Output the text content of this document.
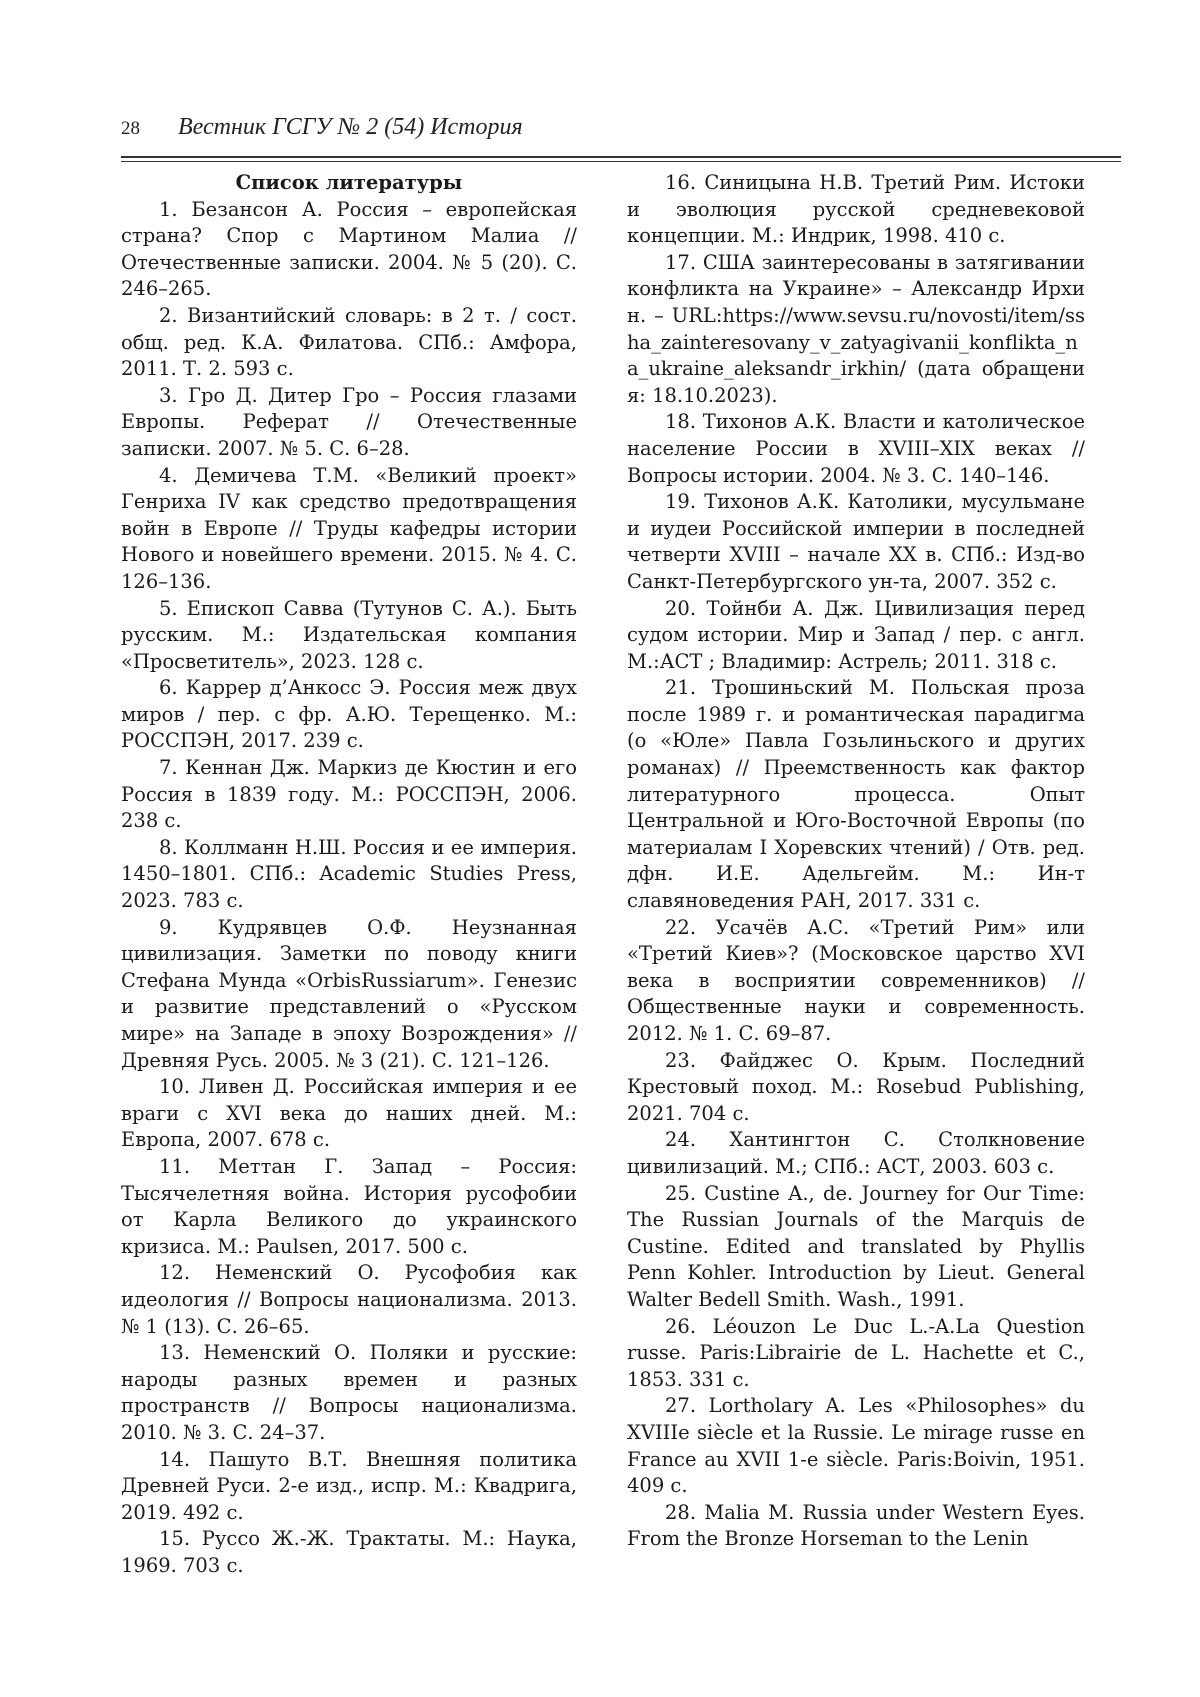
28 Вестник ГСГУ № 2 (54) История

Список литературы

1. Безансон А. Россия – европейская страна? Спор с Мартином Малиа // Отечественные записки. 2004. № 5 (20). С. 246–265.

2. Византийский словарь: в 2 т. / сост. общ. ред. К.А. Филатова. СПб.: Амфора, 2011. Т. 2. 593 с.

3. Гро Д. Дитер Гро – Россия глазами Европы. Реферат // Отечественные записки. 2007. № 5. С. 6–28.

4. Демичева Т.М. «Великий проект» Генриха IV как средство предотвращения войн в Европе // Труды кафедры истории Нового и новейшего времени. 2015. № 4. С. 126–136.

5. Епископ Савва (Тутунов С. А.). Быть русским. М.: Издательская компания «Просветитель», 2023. 128 с.

6. Каррер д’Анкосс Э. Россия меж двух миров / пер. с фр. А.Ю. Терещенко. М.: РОССПЭН, 2017. 239 с.

7. Кеннан Дж. Маркиз де Кюстин и его Россия в 1839 году. М.: РОССПЭН, 2006. 238 с.

8. Коллманн Н.Ш. Россия и ее империя. 1450–1801. СПб.: Academic Studies Press, 2023. 783 с.

9. Кудрявцев О.Ф. Неузнанная цивилизация. Заметки по поводу книги Стефана Мунда «OrbisRussiarum». Генезис и развитие представлений о «Русском мире» на Западе в эпоху Возрождения» // Древняя Русь. 2005. № 3 (21). С. 121–126.

10. Ливен Д. Российская империя и ее враги с XVI века до наших дней. М.: Европа, 2007. 678 с.

11. Меттан Г. Запад – Россия: Тысячелетняя война. История русофобии от Карла Великого до украинского кризиса. М.: Paulsen, 2017. 500 с.

12. Неменский О. Русофобия как идеология // Вопросы национализма. 2013. № 1 (13). С. 26–65.

13. Неменский О. Поляки и русские: народы разных времен и разных пространств // Вопросы национализма. 2010. № 3. С. 24–37.

14. Пашуто В.Т. Внешняя политика Древней Руси. 2-е изд., испр. М.: Квадрига, 2019. 492 с.

15. Руссо Ж.-Ж. Трактаты. М.: Наука, 1969. 703 с.

16. Синицына Н.В. Третий Рим. Истоки и эволюция русской средневековой концепции. М.: Индрик, 1998. 410 с.

17. США заинтересованы в затягивании конфликта на Украине» – Александр Ирхин. – URL:https://www.sevsu.ru/novosti/item/ssha_zainteresovany_v_zatyagivanii_konflikta_na_ukraine_aleksandr_irkhin/ (дата обращения: 18.10.2023).

18. Тихонов А.К. Власти и католическое население России в XVIII–XIX веках // Вопросы истории. 2004. № 3. С. 140–146.

19. Тихонов А.К. Католики, мусульмане и иудеи Российской империи в последней четверти XVIII – начале XX в. СПб.: Изд-во Санкт-Петербургского ун-та, 2007. 352 с.

20. Тойнби А. Дж. Цивилизация перед судом истории. Мир и Запад / пер. с англ. М.:АСТ ; Владимир: Астрель; 2011. 318 с.

21. Трошиньский М. Польская проза после 1989 г. и романтическая парадигма (о «Юле» Павла Гозьлиньского и других романах) // Преемственность как фактор литературного процесса. Опыт Центральной и Юго-Восточной Европы (по материалам I Хоревских чтений) / Отв. ред. дфн. И.Е. Адельгейм. М.: Ин-т славяноведения РАН, 2017. 331 с.

22. Усачёв А.С. «Третий Рим» или «Третий Киев»? (Московское царство XVI века в восприятии современников) // Общественные науки и современность. 2012. № 1. С. 69–87.

23. Файджес О. Крым. Последний Крестовый поход. М.: Rosebud Publishing, 2021. 704 с.

24. Хантингтон С. Столкновение цивилизаций. М.; СПб.: АСТ, 2003. 603 с.

25. Custine A., de. Journey for Our Time: The Russian Journals of the Marquis de Custine. Edited and translated by Phyllis Penn Kohler. Introduction by Lieut. General Walter Bedell Smith. Wash., 1991.

26. Léouzon Le Duc L.-A.La Question russe. Paris:Librairie de L. Hachette et C., 1853. 331 с.

27. Lortholary A. Les «Philosophes» du XVIIIe siècle et la Russie. Le mirage russe en France au XVII 1-e siècle. Paris:Boivin, 1951. 409 с.

28. Malia M. Russia under Western Eyes. From the Bronze Horseman to the Lenin
